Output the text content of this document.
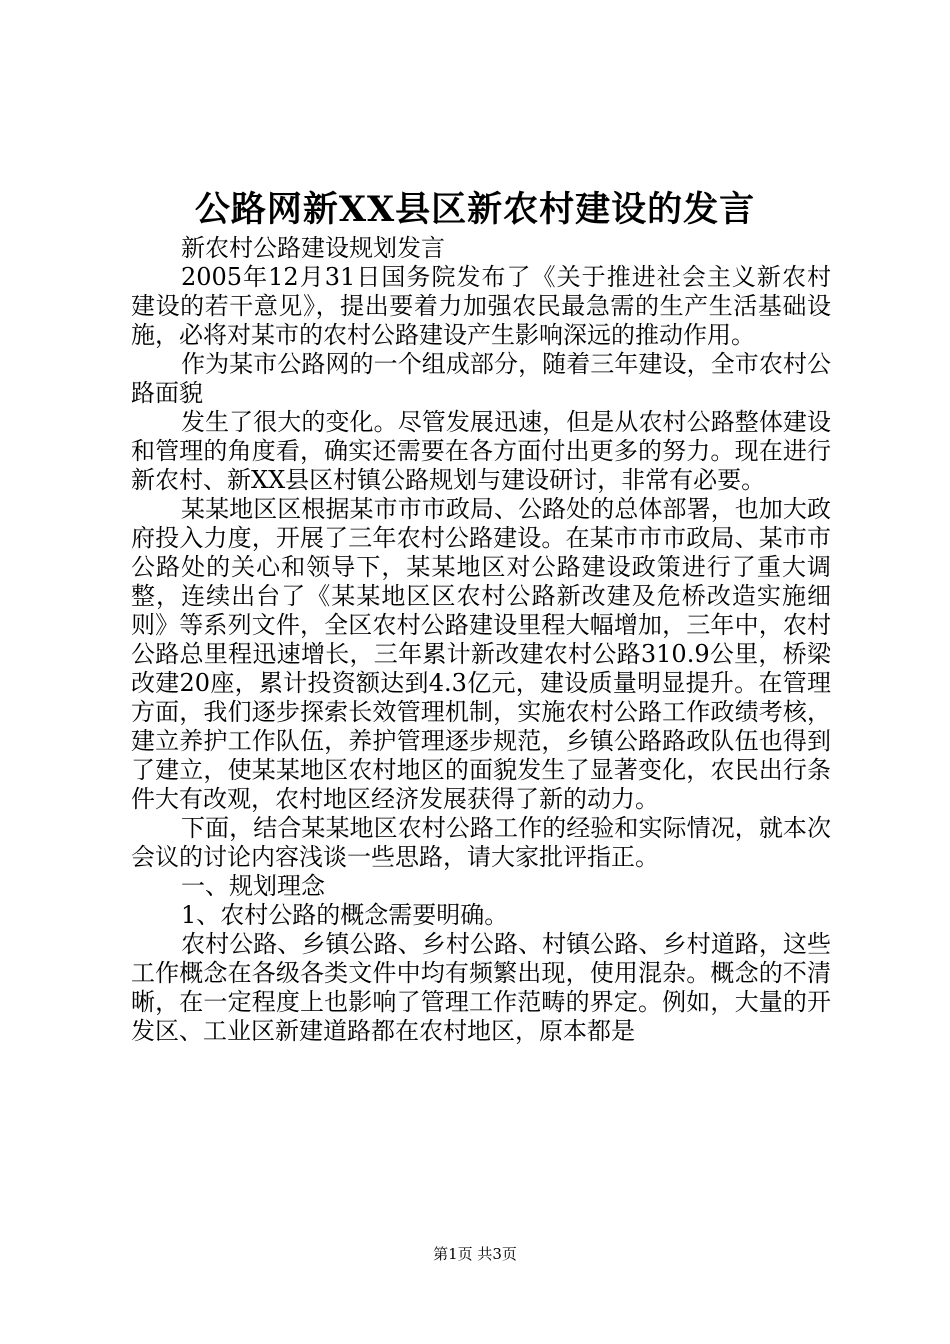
公路网新XX县区新农村建设的发言

新农村公路建设规划发言

2005年12月31日国务院发布了《关于推进社会主义新农村建设的若干意见》，提出要着力加强农民最急需的生产生活基础设施，必将对某市的农村公路建设产生影响深远的推动作用。

作为某市公路网的一个组成部分，随着三年建设，全市农村公路面貌

发生了很大的变化。尽管发展迅速，但是从农村公路整体建设和管理的角度看，确实还需要在各方面付出更多的努力。现在进行新农村、新XX县区村镇公路规划与建设研讨，非常有必要。

某某地区区根据某市市市政局、公路处的总体部署，也加大政府投入力度，开展了三年农村公路建设。在某市市市政局、某市市公路处的关心和领导下，某某地区对公路建设政策进行了重大调整，连续出台了《某某地区区农村公路新改建及危桥改造实施细则》等系列文件，全区农村公路建设里程大幅增加，三年中，农村公路总里程迅速增长，三年累计新改建农村公路310.9公里，桥梁改建20座，累计投资额达到4.3亿元，建设质量明显提升。在管理方面，我们逐步探索长效管理机制，实施农村公路工作政绩考核，建立养护工作队伍，养护管理逐步规范，乡镇公路路政队伍也得到了建立，使某某地区农村地区的面貌发生了显著变化，农民出行条件大有改观，农村地区经济发展获得了新的动力。

下面，结合某某地区农村公路工作的经验和实际情况，就本次会议的讨论内容浅谈一些思路，请大家批评指正。

一、规划理念

1、农村公路的概念需要明确。

农村公路、乡镇公路、乡村公路、村镇公路、乡村道路，这些工作概念在各级各类文件中均有频繁出现，使用混杂。概念的不清晰，在一定程度上也影响了管理工作范畴的界定。例如，大量的开发区、工业区新建道路都在农村地区，原本都是

第1页 共3页
